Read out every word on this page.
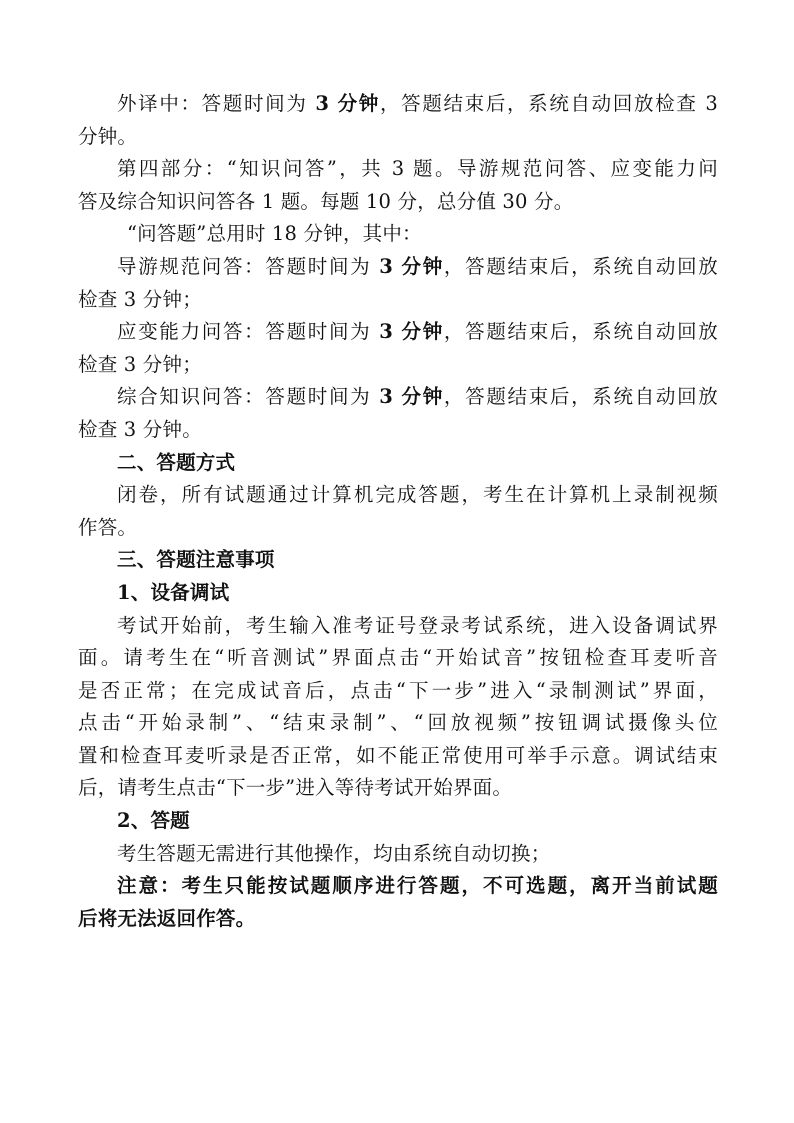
外译中：答题时间为 3 分钟，答题结束后，系统自动回放检查 3
分钟。
第四部分：“知识问答”，共 3 题。导游规范问答、应变能力问
答及综合知识问答各 1 题。每题 10 分，总分值 30 分。
“问答题”总用时 18 分钟，其中：
导游规范问答：答题时间为 3 分钟，答题结束后，系统自动回放
检查 3 分钟；
应变能力问答：答题时间为 3 分钟，答题结束后，系统自动回放
检查 3 分钟；
综合知识问答：答题时间为 3 分钟，答题结束后，系统自动回放
检查 3 分钟。
二、答题方式
闭卷，所有试题通过计算机完成答题，考生在计算机上录制视频
作答。
三、答题注意事项
1、设备调试
考试开始前，考生输入准考证号登录考试系统，进入设备调试界
面。请考生在“听音测试”界面点击“开始试音”按钮检查耳麦听音
是否正常；在完成试音后，点击“下一步”进入“录制测试”界面，
点击“开始录制”、“结束录制”、“回放视频”按钮调试摄像头位
置和检查耳麦听录是否正常，如不能正常使用可举手示意。调试结束
后，请考生点击“下一步”进入等待考试开始界面。
2、答题
考生答题无需进行其他操作，均由系统自动切换；
注意：考生只能按试题顺序进行答题，不可选题，离开当前试题
后将无法返回作答。
